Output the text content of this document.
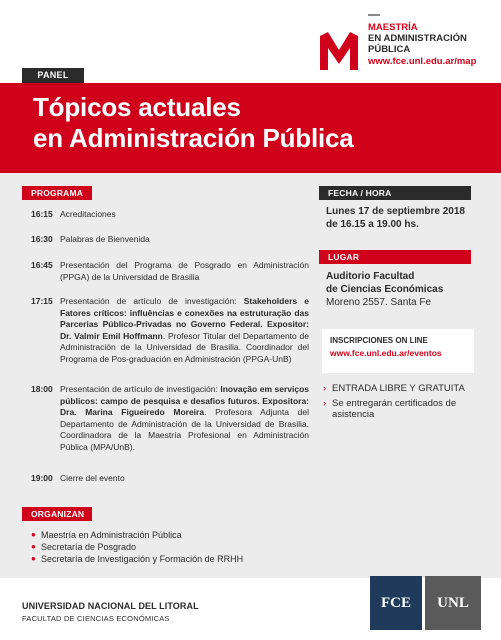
MAESTRÍA
EN ADMINISTRACIÓN
PÚBLICA
www.fce.unl.edu.ar/map
PANEL
Tópicos actuales
en Administración Pública
PROGRAMA
16:15 Acreditaciones
16:30 Palabras de Bienvenida
16:45 Presentación del Programa de Posgrado en Administración (PPGA) de la Universidad de Brasilia
17:15 Presentación de artículo de investigación: Stakeholders e Fatores críticos: influências e conexões na estruturação das Parcerias Público-Privadas no Governo Federal. Expositor: Dr. Valmir Emil Hoffmann. Profesor Titular del Departamento de Administración de la Universidad de Brasilia. Coordinador del Programa de Pos-graduación en Administración (PPGA-UnB)
18:00 Presentación de artículo de investigación: Inovação em serviços públicos: campo de pesquisa e desafios futuros. Expositora: Dra. Marina Figueiredo Moreira. Profesora Adjunta del Departamento de Administración de la Universidad de Brasilia. Coordinadora de la Maestría Profesional en Administración Pública (MPA/UnB).
19:00 Cierre del evento
FECHA / HORA
Lunes 17 de septiembre 2018
de 16.15 a 19.00 hs.
LUGAR
Auditorio Facultad
de Ciencias Económicas
Moreno 2557. Santa Fe
INSCRIPCIONES ON LINE
www.fce.unl.edu.ar/eventos
› ENTRADA LIBRE Y GRATUITA
› Se entregarán certificados de asistencia
ORGANIZAN
● Maestría en Administración Pública
● Secretaría de Posgrado
● Secretaría de Investigación y Formación de RRHH
UNIVERSIDAD NACIONAL DEL LITORAL
FACULTAD DE CIENCIAS ECONÓMICAS
FCE	UNL
